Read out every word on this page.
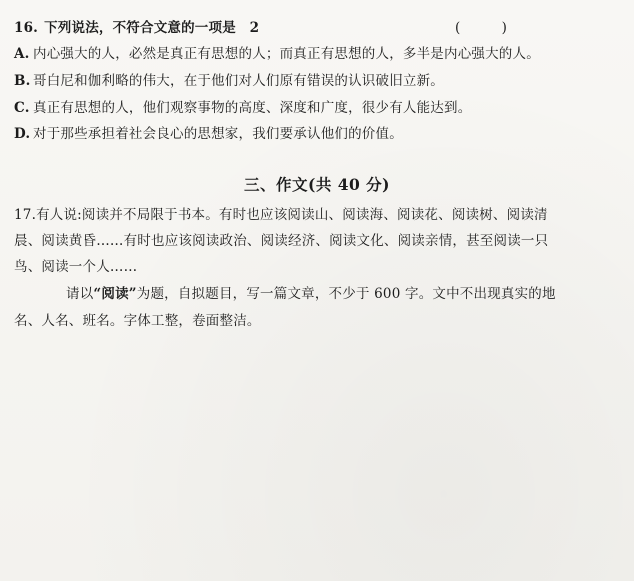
16. 下列说法，不符合文意的一项是　2	(　　　)
A. 内心强大的人，必然是真正有思想的人；而真正有思想的人，多半是内心强大的人。
B. 哥白尼和伽利略的伟大，在于他们对人们原有错误的认识破旧立新。
C. 真正有思想的人，他们观察事物的高度、深度和广度，很少有人能达到。
D. 对于那些承担着社会良心的思想家，我们要承认他们的价值。
三、作文(共 40 分)
17.有人说:阅读并不局限于书本。有时也应该阅读山、阅读海、阅读花、阅读树、阅读清
晨、阅读黄昏……有时也应该阅读政治、阅读经济、阅读文化、阅读亲情，甚至阅读一只
鸟、阅读一个人……
请以“阅读”为题，自拟题目，写一篇文章，不少于 600 字。文中不出现真实的地
名、人名、班名。字体工整，卷面整洁。
